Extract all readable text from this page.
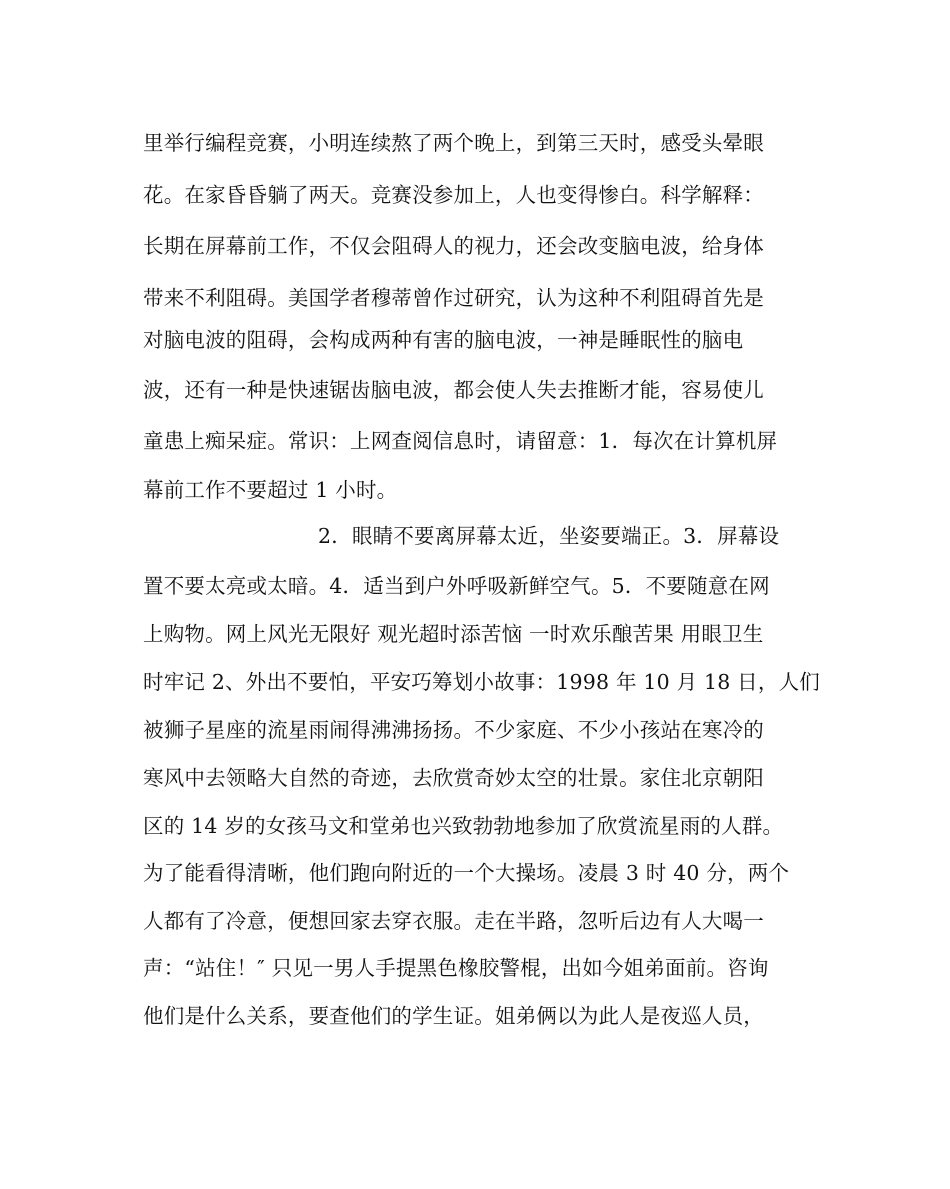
里举行编程竞赛，小明连续熬了两个晚上，到第三天时，感受头晕眼
花。在家昏昏躺了两天。竞赛没参加上，人也变得惨白。科学解释：
长期在屏幕前工作，不仅会阻碍人的视力，还会改变脑电波，给身体
带来不利阻碍。美国学者穆蒂曾作过研究，认为这种不利阻碍首先是
对脑电波的阻碍，会构成两种有害的脑电波，一神是睡眠性的脑电
波，还有一种是快速锯齿脑电波，都会使人失去推断才能，容易使儿
童患上痴呆症。常识：上网查阅信息时，请留意：1．每次在计算机屏
幕前工作不要超过 1 小时。
2．眼睛不要离屏幕太近，坐姿要端正。3．屏幕设
置不要太亮或太暗。4．适当到户外呼吸新鲜空气。5．不要随意在网
上购物。网上风光无限好 观光超时添苦恼 一时欢乐酿苦果 用眼卫生
时牢记 2、外出不要怕，平安巧筹划小故事：1998 年 10 月 18 日，人们
被狮子星座的流星雨闹得沸沸扬扬。不少家庭、不少小孩站在寒冷的
寒风中去领略大自然的奇迹，去欣赏奇妙太空的壮景。家住北京朝阳
区的 14 岁的女孩马文和堂弟也兴致勃勃地参加了欣赏流星雨的人群。
为了能看得清晰，他们跑向附近的一个大操场。凌晨 3 时 40 分，两个
人都有了冷意，便想回家去穿衣服。走在半路，忽听后边有人大喝一
声：“站住！″ 只见一男人手提黑色橡胶警棍，出如今姐弟面前。咨询
他们是什么关系，要查他们的学生证。姐弟俩以为此人是夜巡人员，
